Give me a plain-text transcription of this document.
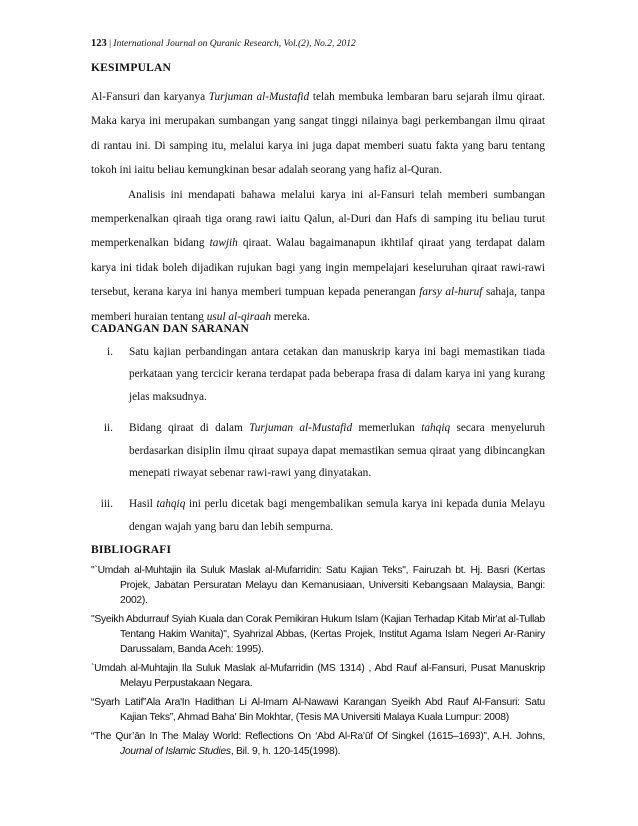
123 | International Journal on Quranic Research, Vol.(2), No.2, 2012
KESIMPULAN

Al-Fansuri dan karyanya Turjuman al-Mustafid telah membuka lembaran baru sejarah ilmu qiraat. Maka karya ini merupakan sumbangan yang sangat tinggi nilainya bagi perkembangan ilmu qiraat di rantau ini. Di samping itu, melalui karya ini juga dapat memberi suatu fakta yang baru tentang tokoh ini iaitu beliau kemungkinan besar adalah seorang yang hafiz al-Quran.

Analisis ini mendapati bahawa melalui karya ini al-Fansuri telah memberi sumbangan memperkenalkan qiraah tiga orang rawi iaitu Qalun, al-Duri dan Hafs di samping itu beliau turut memperkenalkan bidang tawjih qiraat. Walau bagaimanapun ikhtilaf qiraat yang terdapat dalam karya ini tidak boleh dijadikan rujukan bagi yang ingin mempelajari keseluruhan qiraat rawi-rawi tersebut, kerana karya ini hanya memberi tumpuan kepada penerangan farsy al-huruf sahaja, tanpa memberi huraian tentang usul al-qiraah mereka.

CADANGAN DAN SARANAN
i. Satu kajian perbandingan antara cetakan dan manuskrip karya ini bagi memastikan tiada perkataan yang tercicir kerana terdapat pada beberapa frasa di dalam karya ini yang kurang jelas maksudnya.
ii. Bidang qiraat di dalam Turjuman al-Mustafid memerlukan tahqiq secara menyeluruh berdasarkan disiplin ilmu qiraat supaya dapat memastikan semua qiraat yang dibincangkan menepati riwayat sebenar rawi-rawi yang dinyatakan.
iii. Hasil tahqiq ini perlu dicetak bagi mengembalikan semula karya ini kepada dunia Melayu dengan wajah yang baru dan lebih sempurna.
BIBLIOGRAFI

"`Umdah al-Muhtajin ila Suluk Maslak al-Mufarridin: Satu Kajian Teks", Fairuzah bt. Hj. Basri (Kertas Projek, Jabatan Persuratan Melayu dan Kemanusiaan, Universiti Kebangsaan Malaysia, Bangi: 2002).

"Syeikh Abdurrauf Syiah Kuala dan Corak Pemikiran Hukum Islam (Kajian Terhadap Kitab Mir'at al-Tullab Tentang Hakim Wanita)", Syahrizal Abbas, (Kertas Projek, Institut Agama Islam Negeri Ar-Raniry Darussalam, Banda Aceh: 1995).

`Umdah al-Muhtajin Ila Suluk Maslak al-Mufarridin (MS 1314) , Abd Rauf al-Fansuri, Pusat Manuskrip Melayu Perpustakaan Negara.

“Syarh Latif”Ala Ara'In Hadithan Li Al-Imam Al-Nawawi Karangan Syeikh Abd Rauf Al-Fansuri: Satu Kajian Teks”, Ahmad Baha' Bin Mokhtar, (Tesis MA Universiti Malaya Kuala Lumpur: 2008)

“The Qur’ān In The Malay World: Reflections On ‘Abd Al-Ra’ūf Of Singkel (1615–1693)”, A.H. Johns, Journal of Islamic Studies, Bil. 9, h. 120-145(1998).
